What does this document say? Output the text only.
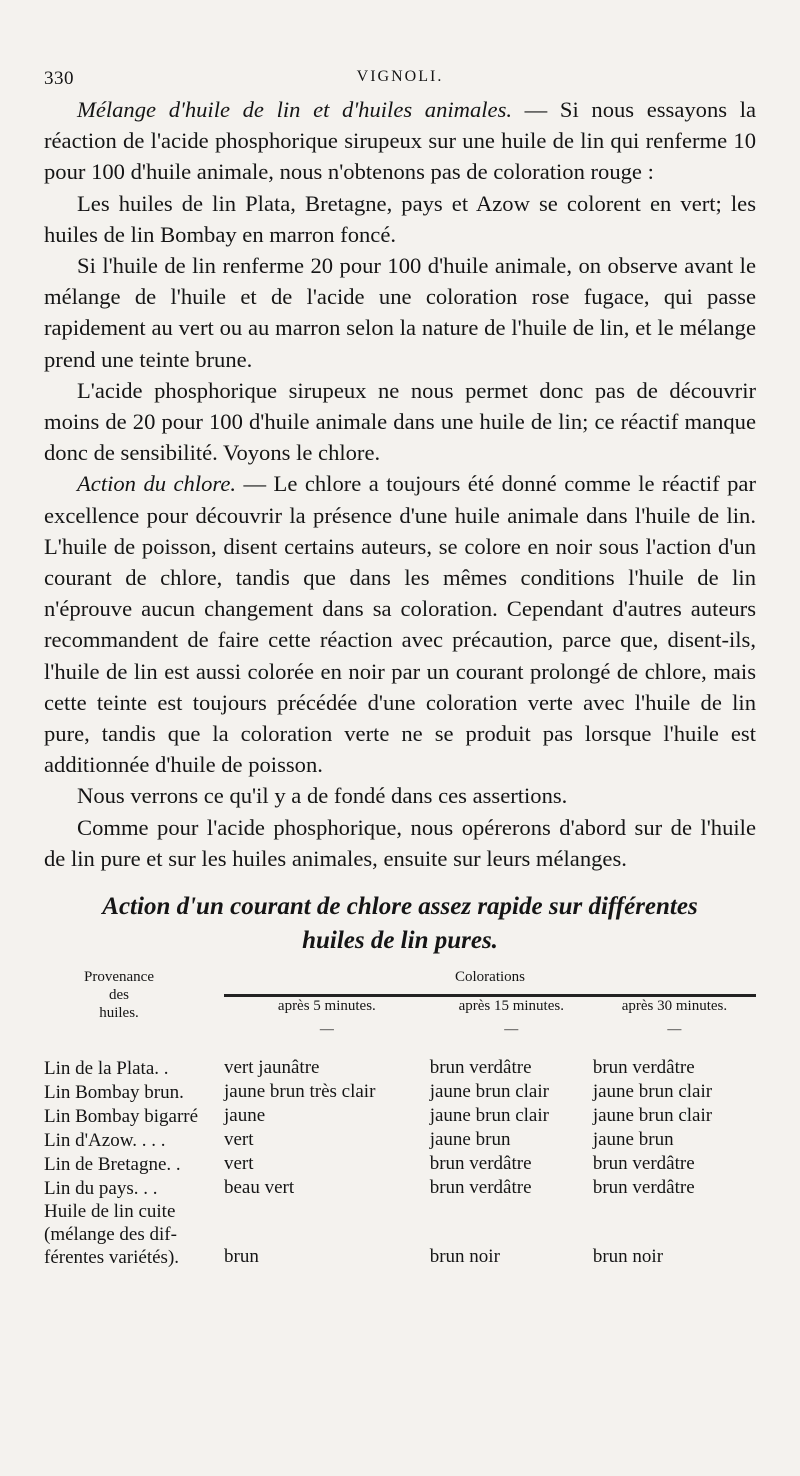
330	VIGNOLI.

Mélange d'huile de lin et d'huiles animales. — Si nous essayons la réaction de l'acide phosphorique sirupeux sur une huile de lin qui renferme 10 pour 100 d'huile animale, nous n'obtenons pas de coloration rouge :

Les huiles de lin Plata, Bretagne, pays et Azow se colorent en vert; les huiles de lin Bombay en marron foncé.

Si l'huile de lin renferme 20 pour 100 d'huile animale, on observe avant le mélange de l'huile et de l'acide une coloration rose fugace, qui passe rapidement au vert ou au marron selon la nature de l'huile de lin, et le mélange prend une teinte brune.

L'acide phosphorique sirupeux ne nous permet donc pas de découvrir moins de 20 pour 100 d'huile animale dans une huile de lin; ce réactif manque donc de sensibilité. Voyons le chlore.

Action du chlore. — Le chlore a toujours été donné comme le réactif par excellence pour découvrir la présence d'une huile animale dans l'huile de lin. L'huile de poisson, disent certains auteurs, se colore en noir sous l'action d'un courant de chlore, tandis que dans les mêmes conditions l'huile de lin n'éprouve aucun changement dans sa coloration. Cependant d'autres auteurs recommandent de faire cette réaction avec précaution, parce que, disent-ils, l'huile de lin est aussi colorée en noir par un courant prolongé de chlore, mais cette teinte est toujours précédée d'une coloration verte avec l'huile de lin pure, tandis que la coloration verte ne se produit pas lorsque l'huile est additionnée d'huile de poisson.

Nous verrons ce qu'il y a de fondé dans ces assertions.

Comme pour l'acide phosphorique, nous opérerons d'abord sur de l'huile de lin pure et sur les huiles animales, ensuite sur leurs mélanges.

Action d'un courant de chlore assez rapide sur différentes
huiles de lin pures.
Provenance
des
huiles.	Colorations		
	après 5 minutes.	après 15 minutes.	après 30 minutes.
	—	—	—

Lin de la Plata. .	vert jaunâtre	brun verdâtre	brun verdâtre

Lin Bombay brun.	jaune brun très clair	jaune brun clair	jaune brun clair

Lin Bombay bigarré	jaune	jaune brun clair	jaune brun clair

Lin d'Azow. . . .	vert	jaune brun	jaune brun

Lin de Bretagne. .	vert	brun verdâtre	brun verdâtre

Lin du pays. . .	beau vert	brun verdâtre	brun verdâtre

Huile de lin cuite
(mélange des dif-
férentes variétés).	brun	brun noir	brun noir
